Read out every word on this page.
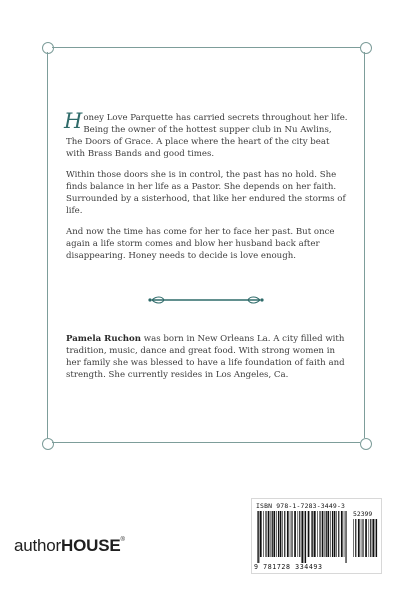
Honey Love Parquette has carried secrets throughout her life. Being the owner of the hottest supper club in Nu Awlins, The Doors of Grace. A place where the heart of the city beat with Brass Bands and good times.

Within those doors she is in control, the past has no hold. She finds balance in her life as a Pastor. She depends on her faith. Surrounded by a sisterhood, that like her endured the storms of life.

And now the time has come for her to face her past. But once again a life storm comes and blow her husband back after disappearing. Honey needs to decide is love enough.

Pamela Ruchon was born in New Orleans La. A city filled with tradition, music, dance and great food. With strong women in her family she was blessed to have a life foundation of faith and strength. She currently resides in Los Angeles, Ca.
ISBN 978-1-7283-3449-3
52399
9 781728 334493
authorHOUSE®
